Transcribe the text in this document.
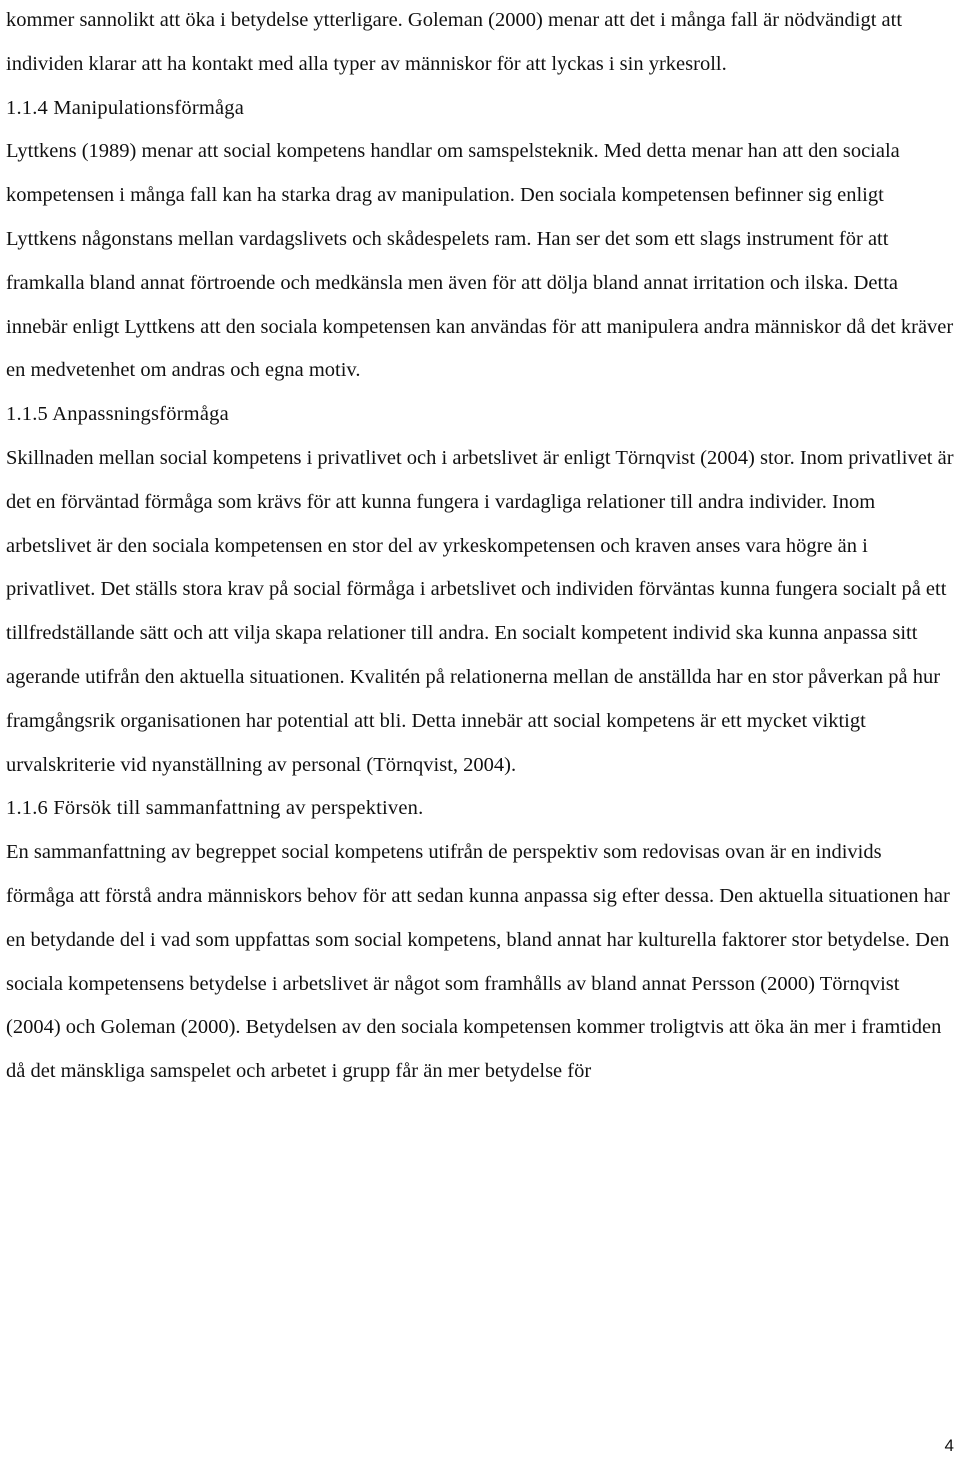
kommer sannolikt att öka i betydelse ytterligare. Goleman (2000) menar att det i många fall är nödvändigt att individen klarar att ha kontakt med alla typer av människor för att lyckas i sin yrkesroll.

1.1.4 Manipulationsförmåga

Lyttkens (1989) menar att social kompetens handlar om samspelsteknik. Med detta menar han att den sociala kompetensen i många fall kan ha starka drag av manipulation. Den sociala kompetensen befinner sig enligt Lyttkens någonstans mellan vardagslivets och skådespelets ram. Han ser det som ett slags instrument för att framkalla bland annat förtroende och medkänsla men även för att dölja bland annat irritation och ilska. Detta innebär enligt Lyttkens att den sociala kompetensen kan användas för att manipulera andra människor då det kräver en medvetenhet om andras och egna motiv.

1.1.5 Anpassningsförmåga

Skillnaden mellan social kompetens i privatlivet och i arbetslivet är enligt Törnqvist (2004) stor. Inom privatlivet är det en förväntad förmåga som krävs för att kunna fungera i vardagliga relationer till andra individer. Inom arbetslivet är den sociala kompetensen en stor del av yrkeskompetensen och kraven anses vara högre än i privatlivet. Det ställs stora krav på social förmåga i arbetslivet och individen förväntas kunna fungera socialt på ett tillfredställande sätt och att vilja skapa relationer till andra. En socialt kompetent individ ska kunna anpassa sitt agerande utifrån den aktuella situationen. Kvalitén på relationerna mellan de anställda har en stor påverkan på hur framgångsrik organisationen har potential att bli. Detta innebär att social kompetens är ett mycket viktigt urvalskriterie vid nyanställning av personal (Törnqvist, 2004).

1.1.6 Försök till sammanfattning av perspektiven.

En sammanfattning av begreppet social kompetens utifrån de perspektiv som redovisas ovan är en individs förmåga att förstå andra människors behov för att sedan kunna anpassa sig efter dessa. Den aktuella situationen har en betydande del i vad som uppfattas som social kompetens, bland annat har kulturella faktorer stor betydelse. Den sociala kompetensens betydelse i arbetslivet är något som framhålls av bland annat Persson (2000) Törnqvist (2004) och Goleman (2000). Betydelsen av den sociala kompetensen kommer troligtvis att öka än mer i framtiden då det mänskliga samspelet och arbetet i grupp får än mer betydelse för

4
